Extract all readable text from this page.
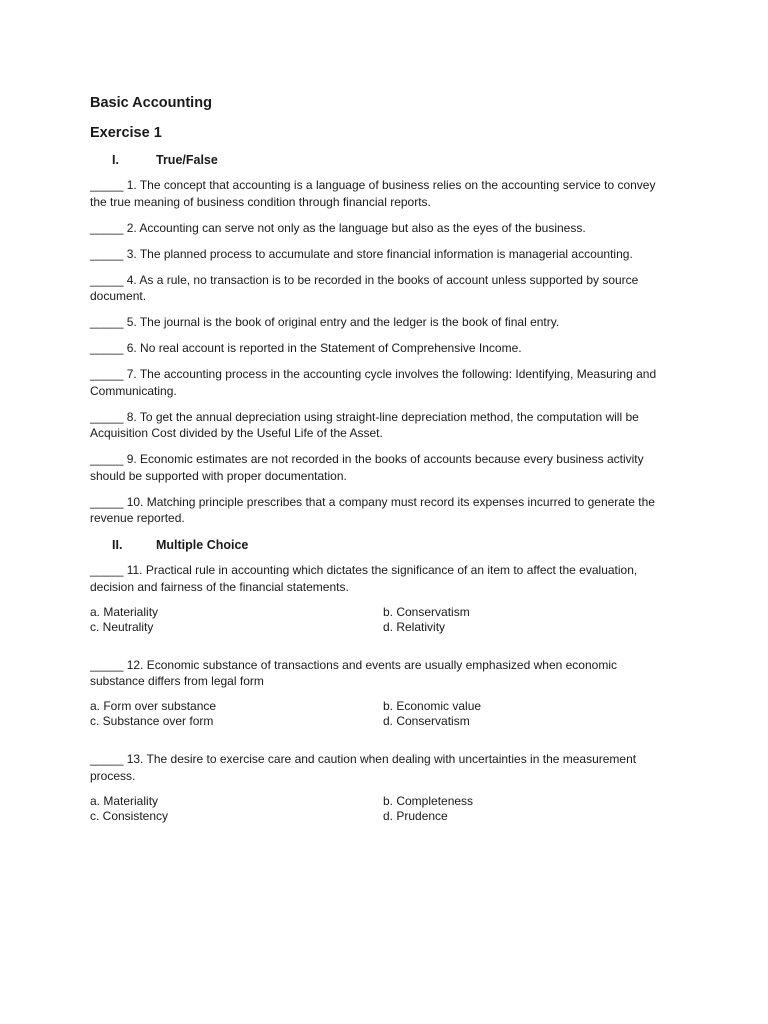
Basic Accounting
Exercise 1
I.	True/False
_____ 1. The concept that accounting is a language of business relies on the accounting service to convey the true meaning of business condition through financial reports.
_____ 2. Accounting can serve not only as the language but also as the eyes of the business.
_____ 3. The planned process to accumulate and store financial information is managerial accounting.
_____ 4. As a rule, no transaction is to be recorded in the books of account unless supported by source document.
_____ 5. The journal is the book of original entry and the ledger is the book of final entry.
_____ 6. No real account is reported in the Statement of Comprehensive Income.
_____ 7. The accounting process in the accounting cycle involves the following: Identifying, Measuring and Communicating.
_____ 8. To get the annual depreciation using straight-line depreciation method, the computation will be Acquisition Cost divided by the Useful Life of the Asset.
_____ 9. Economic estimates are not recorded in the books of accounts because every business activity should be supported with proper documentation.
_____ 10. Matching principle prescribes that a company must record its expenses incurred to generate the revenue reported.
II.	Multiple Choice
_____ 11. Practical rule in accounting which dictates the significance of an item to affect the evaluation, decision and fairness of the financial statements.
a. Materiality	b. Conservatism
c. Neutrality	d. Relativity
_____ 12. Economic substance of transactions and events are usually emphasized when economic substance differs from legal form
a. Form over substance	b. Economic value
c. Substance over form	d. Conservatism
_____ 13. The desire to exercise care and caution when dealing with uncertainties in the measurement process.
a. Materiality	b. Completeness
c. Consistency	d. Prudence
